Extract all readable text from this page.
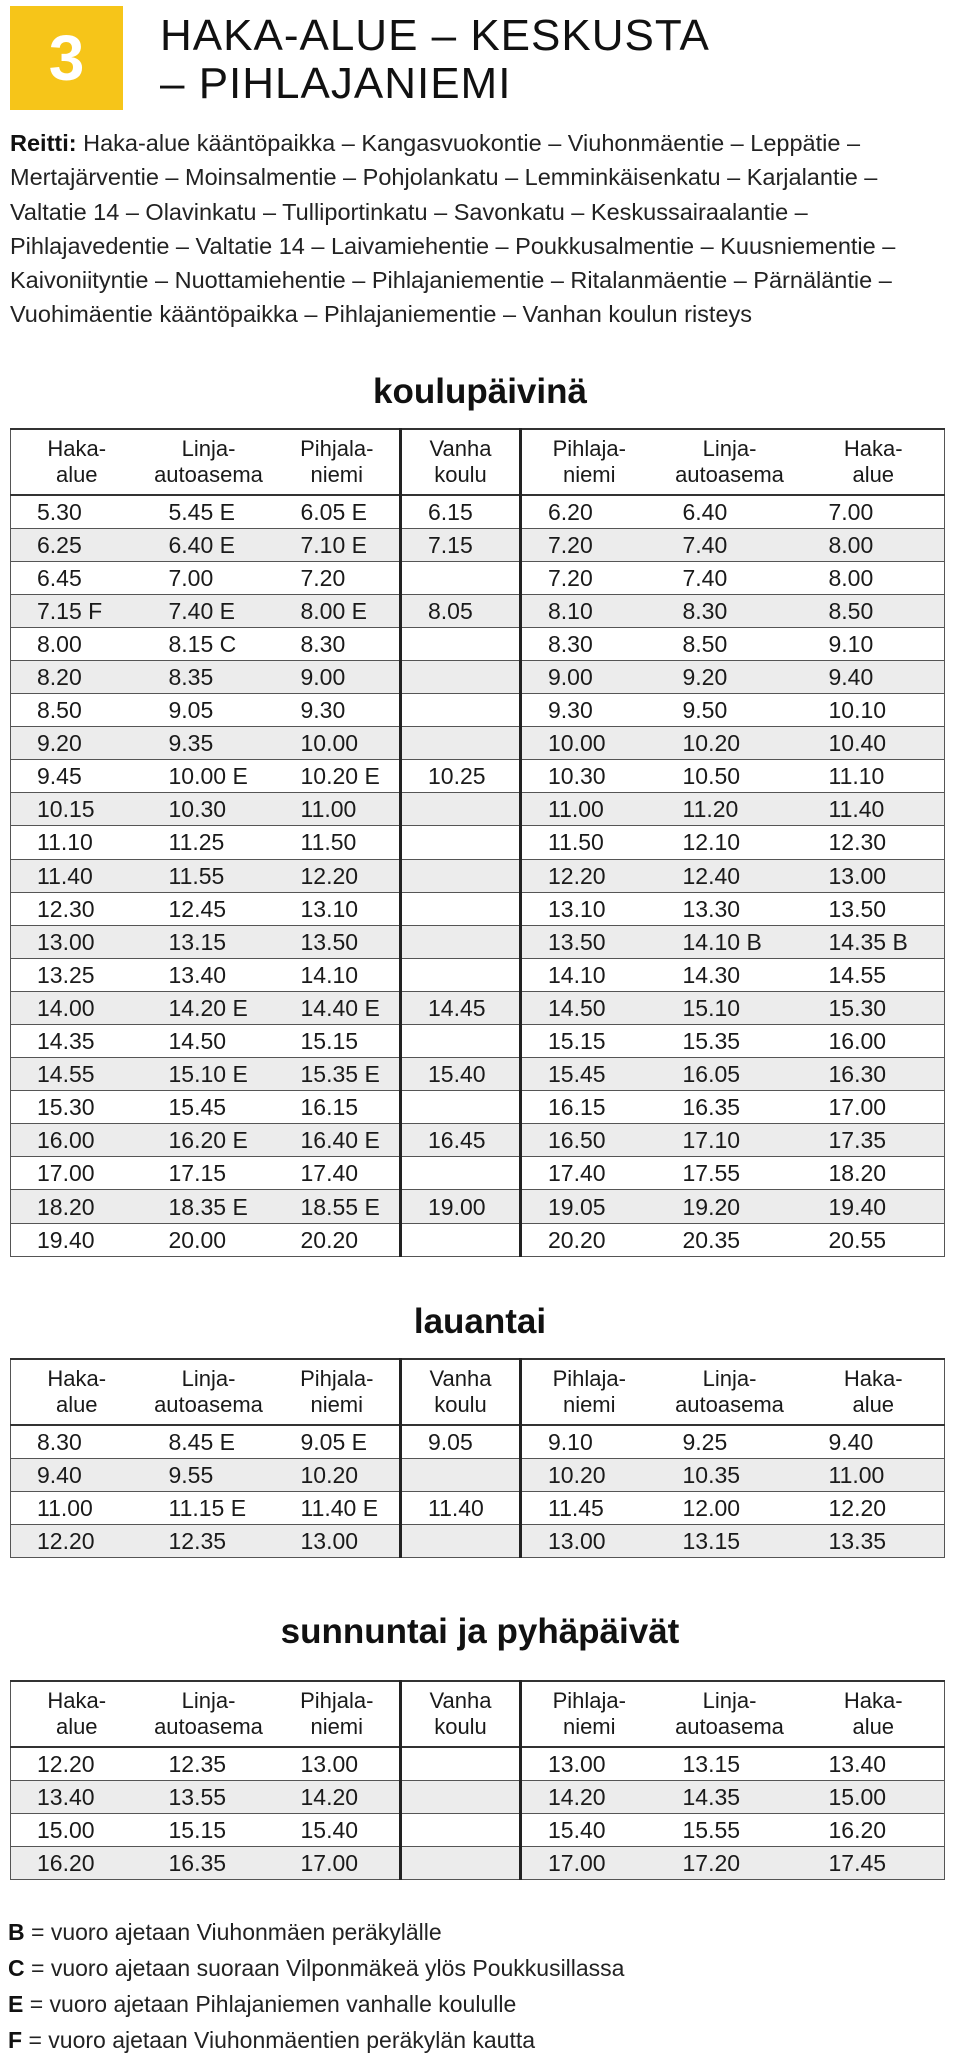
3	HAKA-ALUE – KESKUSTA
– PIHLAJANIEMI
Reitti: Haka-alue kääntöpaikka – Kangasvuokontie – Viuhonmäentie – Leppätie – Mertajärventie – Moinsalmentie – Pohjolankatu – Lemminkäisenkatu – Karjalantie – Valtatie 14 – Olavinkatu – Tulliportinkatu – Savonkatu – Keskussairaalantie – Pihlajavedentie – Valtatie 14 – Laivamiehentie – Poukkusalmentie – Kuusniementie – Kaivoniityntie – Nuottamiehentie – Pihlajaniementie – Ritalanmäentie – Pärnäläntie – Vuohimäentie kääntöpaikka – Pihlajaniementie – Vanhan koulun risteys
koulupäivinä
Haka-
alue	Linja-
autoasema	Pihjala-
niemi	Vanha
koulu	Pihlaja-
niemi	Linja-
autoasema	Haka-
alue

5.30	5.45 E	6.05 E	6.15	6.20	6.40	7.00
6.25	6.40 E	7.10 E	7.15	7.20	7.40	8.00
6.45	7.00	7.20		7.20	7.40	8.00
7.15 F	7.40 E	8.00 E	8.05	8.10	8.30	8.50
8.00	8.15 C	8.30		8.30	8.50	9.10
8.20	8.35	9.00		9.00	9.20	9.40
8.50	9.05	9.30		9.30	9.50	10.10
9.20	9.35	10.00		10.00	10.20	10.40
9.45	10.00 E	10.20 E	10.25	10.30	10.50	11.10
10.15	10.30	11.00		11.00	11.20	11.40
11.10	11.25	11.50		11.50	12.10	12.30
11.40	11.55	12.20		12.20	12.40	13.00
12.30	12.45	13.10		13.10	13.30	13.50
13.00	13.15	13.50		13.50	14.10 B	14.35 B
13.25	13.40	14.10		14.10	14.30	14.55
14.00	14.20 E	14.40 E	14.45	14.50	15.10	15.30
14.35	14.50	15.15		15.15	15.35	16.00
14.55	15.10 E	15.35 E	15.40	15.45	16.05	16.30
15.30	15.45	16.15		16.15	16.35	17.00
16.00	16.20 E	16.40 E	16.45	16.50	17.10	17.35
17.00	17.15	17.40		17.40	17.55	18.20
18.20	18.35 E	18.55 E	19.00	19.05	19.20	19.40
19.40	20.00	20.20		20.20	20.35	20.55
lauantai
Haka-
alue	Linja-
autoasema	Pihjala-
niemi	Vanha
koulu	Pihlaja-
niemi	Linja-
autoasema	Haka-
alue

8.30	8.45 E	9.05 E	9.05	9.10	9.25	9.40
9.40	9.55	10.20		10.20	10.35	11.00
11.00	11.15 E	11.40 E	11.40	11.45	12.00	12.20
12.20	12.35	13.00		13.00	13.15	13.35
sunnuntai ja pyhäpäivät
Haka-
alue	Linja-
autoasema	Pihjala-
niemi	Vanha
koulu	Pihlaja-
niemi	Linja-
autoasema	Haka-
alue

12.20	12.35	13.00		13.00	13.15	13.40
13.40	13.55	14.20		14.20	14.35	15.00
15.00	15.15	15.40		15.40	15.55	16.20
16.20	16.35	17.00		17.00	17.20	17.45
B = vuoro ajetaan Viuhonmäen peräkylälle
C = vuoro ajetaan suoraan Vilponmäkeä ylös Poukkusillassa
E = vuoro ajetaan Pihlajaniemen vanhalle koululle
F = vuoro ajetaan Viuhonmäentien peräkylän kautta
